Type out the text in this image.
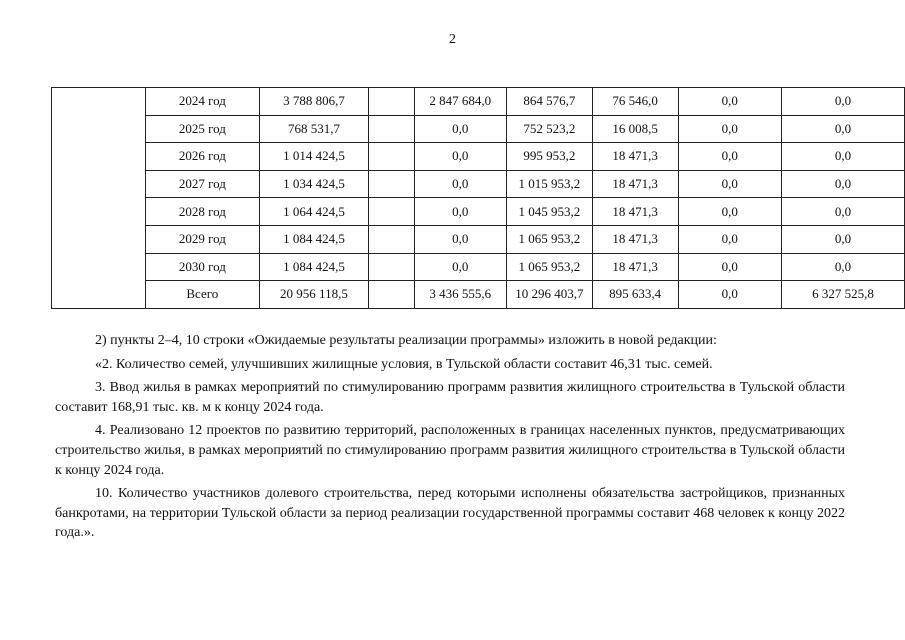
2
	2024 год	3 788 806,7		2 847 684,0	864 576,7	76 546,0	0,0	0,0
	2025 год	768 531,7		0,0	752 523,2	16 008,5	0,0	0,0
	2026 год	1 014 424,5		0,0	995 953,2	18 471,3	0,0	0,0
	2027 год	1 034 424,5		0,0	1 015 953,2	18 471,3	0,0	0,0
	2028 год	1 064 424,5		0,0	1 045 953,2	18 471,3	0,0	0,0
	2029 год	1 084 424,5		0,0	1 065 953,2	18 471,3	0,0	0,0
	2030 год	1 084 424,5		0,0	1 065 953,2	18 471,3	0,0	0,0
	Всего	20 956 118,5		3 436 555,6	10 296 403,7	895 633,4	0,0	6 327 525,8

2) пункты 2–4, 10 строки «Ожидаемые результаты реализации программы» изложить в новой редакции:

«2. Количество семей, улучшивших жилищные условия, в Тульской области составит 46,31 тыс. семей.

3. Ввод жилья в рамках мероприятий по стимулированию программ развития жилищного строительства в Тульской области составит 168,91 тыс. кв. м к концу 2024 года.

4. Реализовано 12 проектов по развитию территорий, расположенных в границах населенных пунктов, предусматривающих строительство жилья, в рамках мероприятий по стимулированию программ развития жилищного строительства в Тульской области к концу 2024 года.

10. Количество участников долевого строительства, перед которыми исполнены обязательства застройщиков, признанных банкротами, на территории Тульской области за период реализации государственной программы составит 468 человек к концу 2022 года.».
